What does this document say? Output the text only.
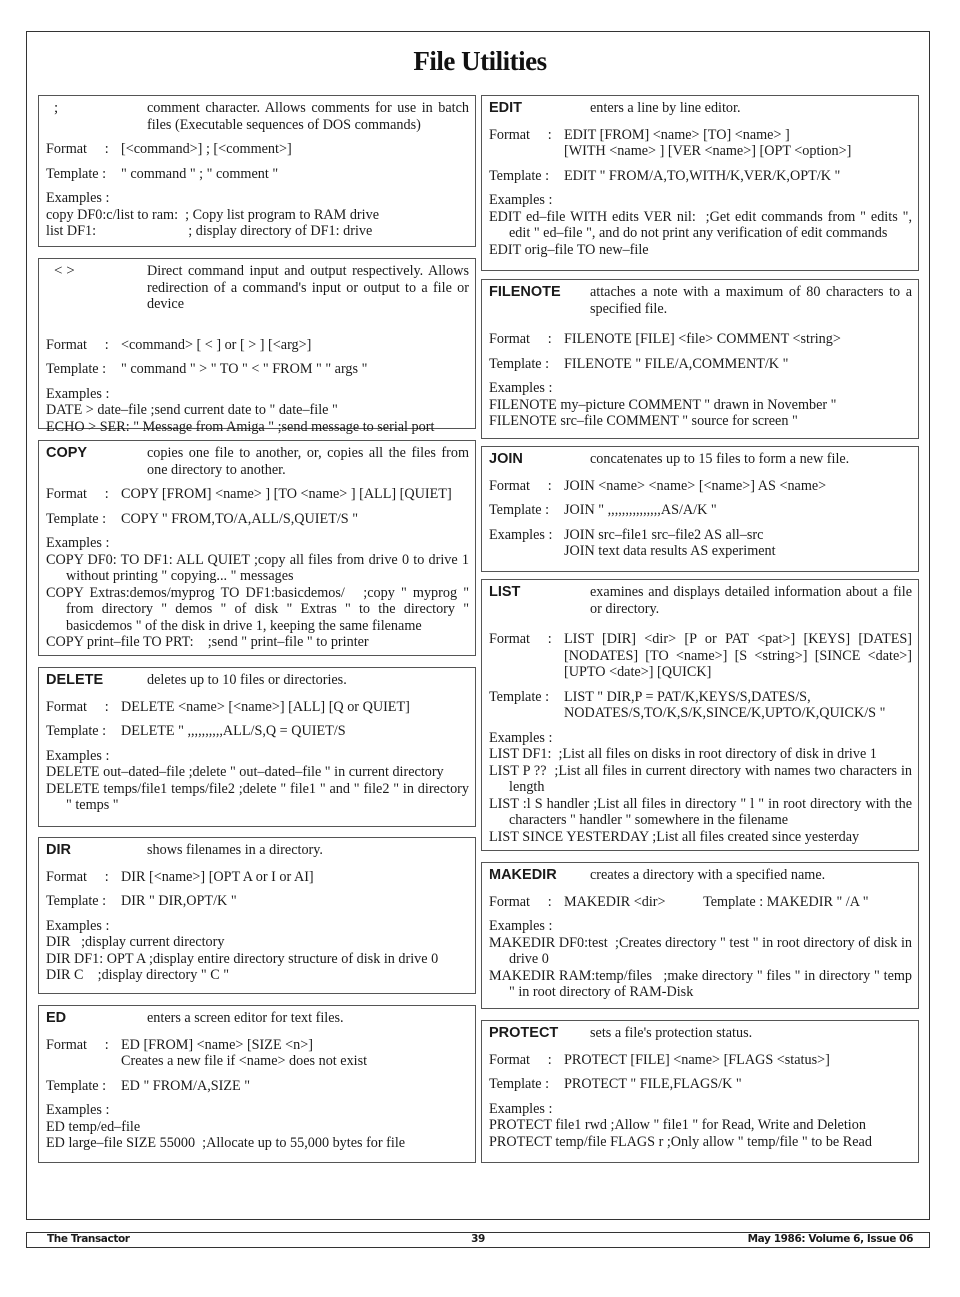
File Utilities
;	comment character. Allows comments for use in batch files (Executable sequences of DOS commands)
Format  : [<command>] ; [<comment>]
Template : " command " ; " comment "
Examples :
copy DF0:c/list to ram:  ; Copy list program to RAM drive
list DF1:                          ; display directory of DF1: drive
< >	Direct command input and output respectively. Allows redirection of a command's input or output to a file or device
Format  : <command> [ < ] or [ > ] [<arg>]
Template : " command " > " TO " < " FROM " " args "
Examples :
DATE > date–file ;send current date to " date–file "
ECHO > SER: " Message from Amiga " ;send message to serial port
COPY	copies one file to another, or, copies all the files from one directory to another.
Format  : COPY [FROM] <name> ] [TO <name> ] [ALL] [QUIET]
Template : COPY " FROM,TO/A,ALL/S,QUIET/S "
Examples :
COPY DF0: TO DF1: ALL QUIET ;copy all files from drive 0 to drive 1 without printing " copying... " messages
COPY Extras:demos/myprog TO DF1:basicdemos/   ;copy " myprog " from directory " demos " of disk " Extras " to the directory " basicdemos " of the disk in drive 1, keeping the same filename
COPY print–file TO PRT:    ;send " print–file " to printer
DELETE	deletes up to 10 files or directories.
Format  : DELETE <name> [<name>] [ALL] [Q or QUIET]
Template : DELETE " ,,,,,,,,,,ALL/S,Q = QUIET/S
Examples :
DELETE out–dated–file ;delete " out–dated–file " in current directory
DELETE temps/file1 temps/file2 ;delete " file1 " and " file2 " in directory " temps "
DIR	shows filenames in a directory.
Format  : DIR [<name>] [OPT A or I or AI]
Template : DIR " DIR,OPT/K "
Examples :
DIR   ;display current directory
DIR DF1: OPT A ;display entire directory structure of disk in drive 0
DIR C    ;display directory " C "
ED	enters a screen editor for text files.
Format  : ED [FROM] <name> [SIZE <n>]
Creates a new file if <name> does not exist
Template : ED " FROM/A,SIZE "
Examples :
ED temp/ed–file
ED large–file SIZE 55000  ;Allocate up to 55,000 bytes for file
EDIT	enters a line by line editor.
Format  : EDIT [FROM] <name> [TO] <name> ]
[WITH <name> ] [VER <name>] [OPT <option>]
Template : EDIT " FROM/A,TO,WITH/K,VER/K,OPT/K "
Examples :
EDIT ed–file WITH edits VER nil:  ;Get edit commands from " edits ", edit " ed–file ", and do not print any verification of edit commands
EDIT orig–file TO new–file
FILENOTE	attaches a note with a maximum of 80 characters to a specified file.
Format  : FILENOTE [FILE] <file> COMMENT <string>
Template : FILENOTE " FILE/A,COMMENT/K "
Examples :
FILENOTE my–picture COMMENT " drawn in November "
FILENOTE src–file COMMENT " source for screen "
JOIN	concatenates up to 15 files to form a new file.
Format  : JOIN <name> <name> [<name>] AS <name>
Template : JOIN " ,,,,,,,,,,,,,,,AS/A/K "
Examples : JOIN src–file1 src–file2 AS all–src
JOIN text data results AS experiment
LIST	examines and displays detailed information about a file or directory.
Format  : LIST [DIR] <dir> [P or PAT <pat>] [KEYS] [DATES] [NODATES] [TO <name>] [S <string>] [SINCE <date>] [UPTO <date>] [QUICK]
Template : LIST " DIR,P = PAT/K,KEYS/S,DATES/S,
NODATES/S,TO/K,S/K,SINCE/K,UPTO/K,QUICK/S "
Examples :
LIST DF1:  ;List all files on disks in root directory of disk in drive 1
LIST P ??  ;List all files in current directory with names two characters in length
LIST :l S handler ;List all files in directory " l " in root directory with the characters " handler " somewhere in the filename
LIST SINCE YESTERDAY ;List all files created since yesterday
MAKEDIR	creates a directory with a specified name.
Format  : MAKEDIR <dir>	Template : MAKEDIR " /A "
Examples :
MAKEDIR DF0:test  ;Creates directory " test " in root directory of disk in drive 0
MAKEDIR RAM:temp/files   ;make directory " files " in directory " temp " in root directory of RAM-Disk
PROTECT	sets a file's protection status.
Format  : PROTECT [FILE] <name> [FLAGS <status>]
Template : PROTECT " FILE,FLAGS/K "
Examples :
PROTECT file1 rwd ;Allow " file1 " for Read, Write and Deletion
PROTECT temp/file FLAGS r ;Only allow " temp/file " to be Read
The Transactor	39	May 1986: Volume 6, Issue 06
